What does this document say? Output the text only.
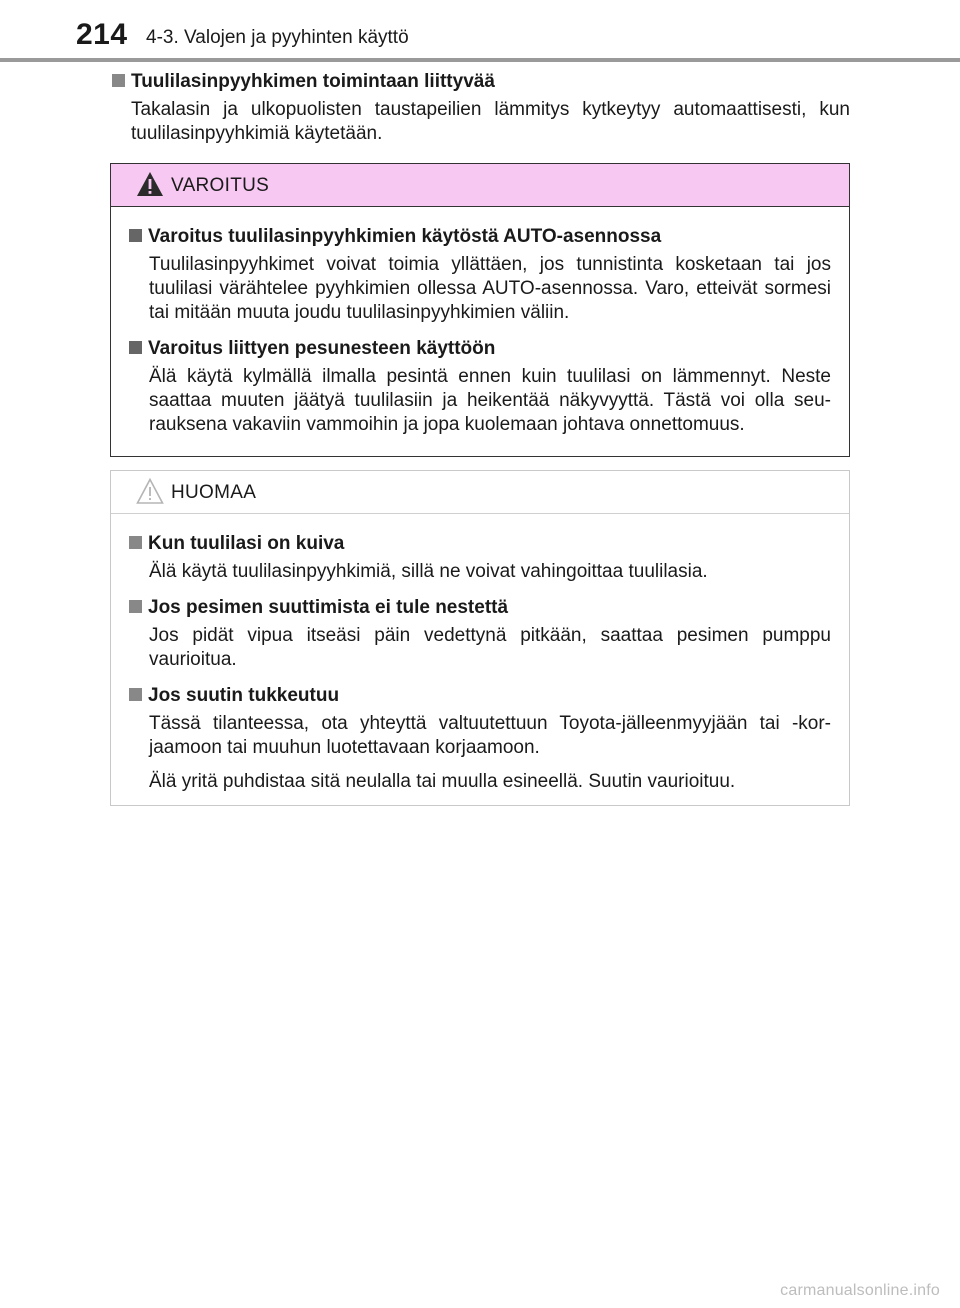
214 4-3. Valojen ja pyyhinten käyttö
Tuulilasinpyyhkimen toimintaan liittyvää
Takalasin ja ulkopuolisten taustapeilien lämmitys kytkeytyy automaattisesti, kun tuulilasinpyyhkimiä käytetään.
VAROITUS
Varoitus tuulilasinpyyhkimien käytöstä AUTO-asennossa
Tuulilasinpyyhkimet voivat toimia yllättäen, jos tunnistinta kosketaan tai jos tuulilasi värähtelee pyyhkimien ollessa AUTO-asennossa. Varo, etteivät sormesi tai mitään muuta joudu tuulilasinpyyhkimien väliin.
Varoitus liittyen pesunesteen käyttöön
Älä käytä kylmällä ilmalla pesintä ennen kuin tuulilasi on lämmennyt. Neste saattaa muuten jäätyä tuulilasiin ja heikentää näkyvyyttä. Tästä voi olla seu-rauksena vakaviin vammoihin ja jopa kuolemaan johtava onnettomuus.
HUOMAA
Kun tuulilasi on kuiva
Älä käytä tuulilasinpyyhkimiä, sillä ne voivat vahingoittaa tuulilasia.
Jos pesimen suuttimista ei tule nestettä
Jos pidät vipua itseäsi päin vedettynä pitkään, saattaa pesimen pumppu vaurioitua.
Jos suutin tukkeutuu
Tässä tilanteessa, ota yhteyttä valtuutettuun Toyota-jälleenmyyjään tai -kor-jaamoon tai muuhun luotettavaan korjaamoon.
Älä yritä puhdistaa sitä neulalla tai muulla esineellä. Suutin vaurioituu.
carmanualsonline.info
